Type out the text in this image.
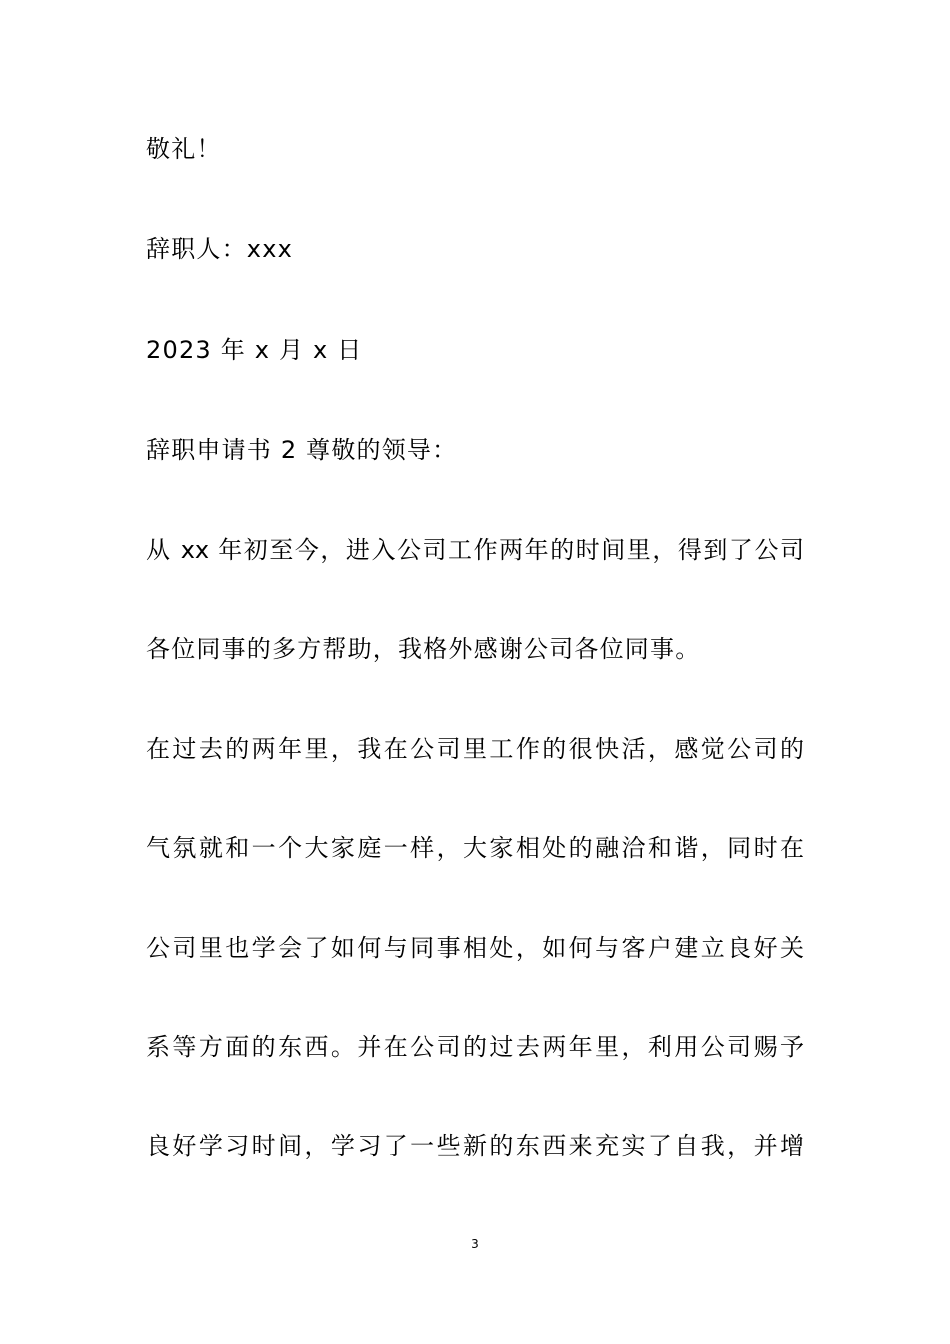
敬礼！
辞职人：xxx
2023 年 x 月 x 日
辞职申请书 2 尊敬的领导：
从 xx 年初至今，进入公司工作两年的时间里，得到了公司
各位同事的多方帮助，我格外感谢公司各位同事。
在过去的两年里，我在公司里工作的很快活，感觉公司的
气氛就和一个大家庭一样，大家相处的融洽和谐，同时在
公司里也学会了如何与同事相处，如何与客户建立良好关
系等方面的东西。并在公司的过去两年里，利用公司赐予
良好学习时间，学习了一些新的东西来充实了自我，并增
3
